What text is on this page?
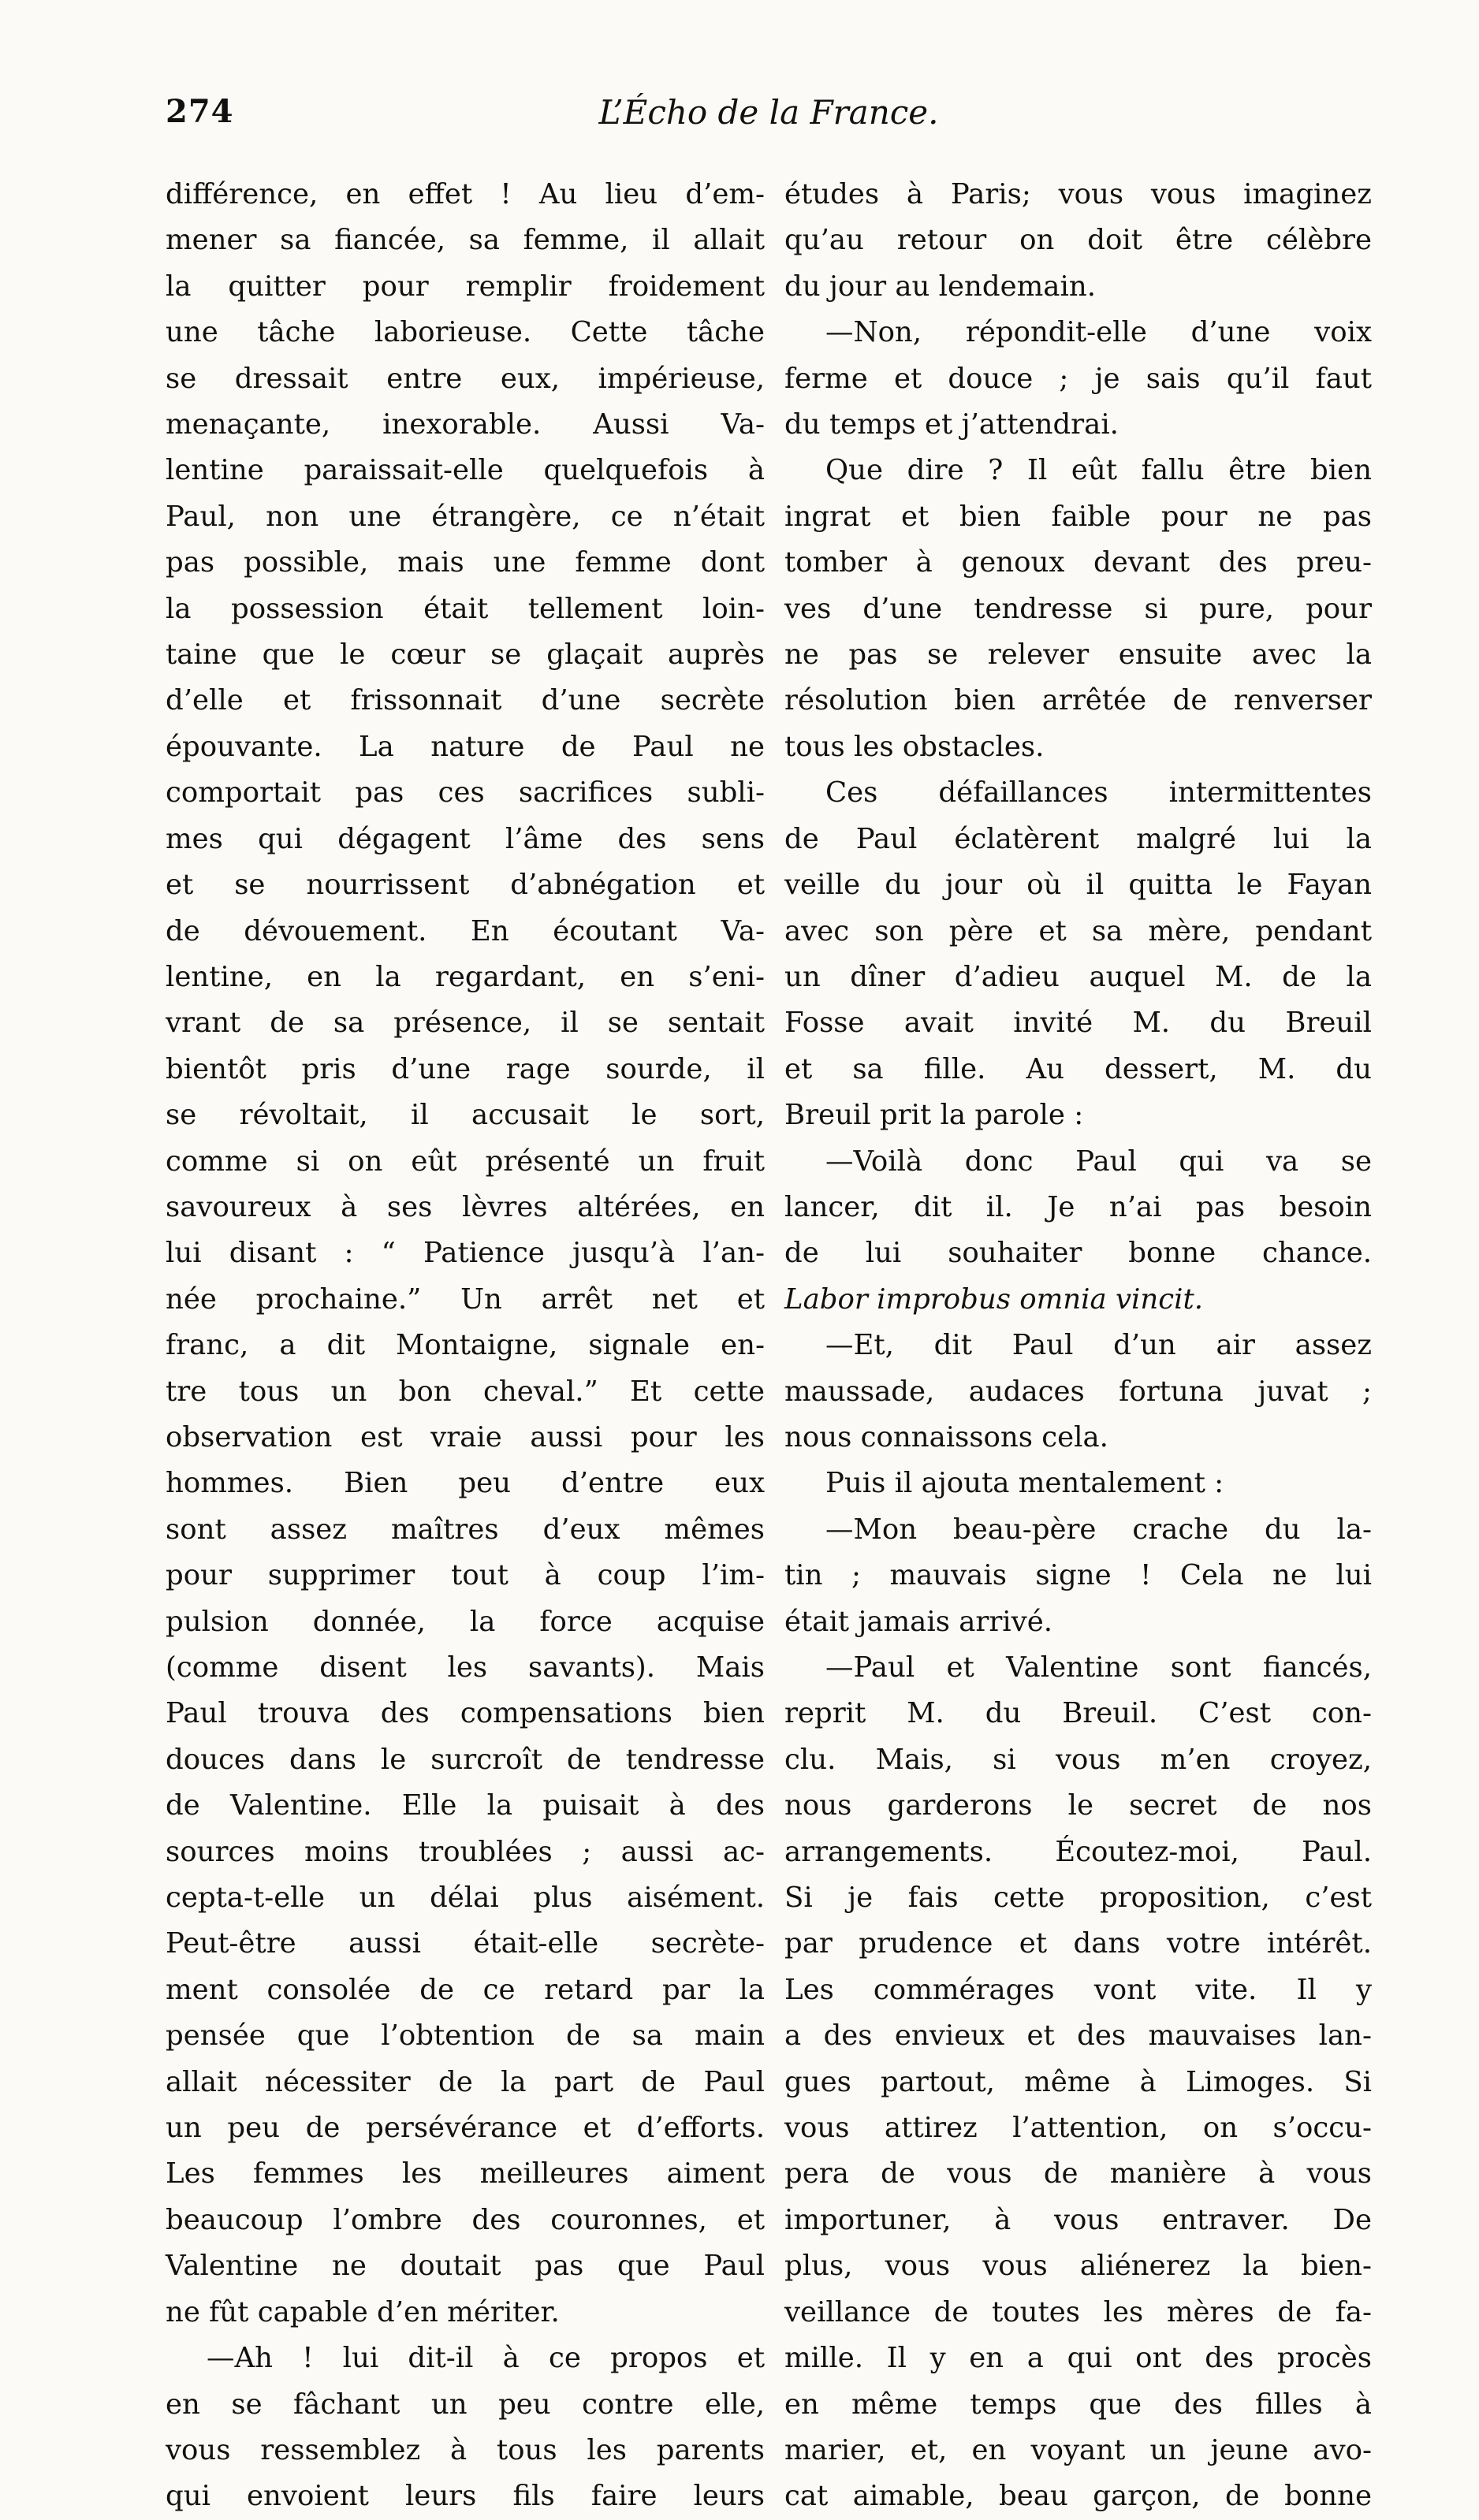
274	L’Écho de la France.

différence, en effet ! Au lieu d’em-
mener sa fiancée, sa femme, il allait
la quitter pour remplir froidement
une tâche laborieuse. Cette tâche
se dressait entre eux, impérieuse,
menaçante, inexorable. Aussi Va-
lentine paraissait-elle quelquefois à
Paul, non une étrangère, ce n’était
pas possible, mais une femme dont
la possession était tellement loin-
taine que le cœur se glaçait auprès
d’elle et frissonnait d’une secrète
épouvante. La nature de Paul ne
comportait pas ces sacrifices subli-
mes qui dégagent l’âme des sens
et se nourrissent d’abnégation et
de dévouement. En écoutant Va-
lentine, en la regardant, en s’eni-
vrant de sa présence, il se sentait
bientôt pris d’une rage sourde, il
se révoltait, il accusait le sort,
comme si on eût présenté un fruit
savoureux à ses lèvres altérées, en
lui disant : “ Patience jusqu’à l’an-
née prochaine.” Un arrêt net et
franc, a dit Montaigne, signale en-
tre tous un bon cheval.” Et cette
observation est vraie aussi pour les
hommes. Bien peu d’entre eux
sont assez maîtres d’eux mêmes
pour supprimer tout à coup l’im-
pulsion donnée, la force acquise
(comme disent les savants). Mais
Paul trouva des compensations bien
douces dans le surcroît de tendresse
de Valentine. Elle la puisait à des
sources moins troublées ; aussi ac-
cepta-t-elle un délai plus aisément.
Peut-être aussi était-elle secrète-
ment consolée de ce retard par la
pensée que l’obtention de sa main
allait nécessiter de la part de Paul
un peu de persévérance et d’efforts.
Les femmes les meilleures aiment
beaucoup l’ombre des couronnes, et
Valentine ne doutait pas que Paul
ne fût capable d’en mériter.

—Ah ! lui dit-il à ce propos et
en se fâchant un peu contre elle,
vous ressemblez à tous les parents
qui envoient leurs fils faire leurs

études à Paris; vous vous imaginez
qu’au retour on doit être célèbre
du jour au lendemain.

—Non, répondit-elle d’une voix
ferme et douce ; je sais qu’il faut
du temps et j’attendrai.

Que dire ? Il eût fallu être bien
ingrat et bien faible pour ne pas
tomber à genoux devant des preu-
ves d’une tendresse si pure, pour
ne pas se relever ensuite avec la
résolution bien arrêtée de renverser
tous les obstacles.

Ces défaillances intermittentes
de Paul éclatèrent malgré lui la
veille du jour où il quitta le Fayan
avec son père et sa mère, pendant
un dîner d’adieu auquel M. de la
Fosse avait invité M. du Breuil
et sa fille. Au dessert, M. du
Breuil prit la parole :

—Voilà donc Paul qui va se
lancer, dit il. Je n’ai pas besoin
de lui souhaiter bonne chance.
Labor improbus omnia vincit.

—Et, dit Paul d’un air assez
maussade, audaces fortuna juvat ;
nous connaissons cela.

Puis il ajouta mentalement :

—Mon beau-père crache du la-
tin ; mauvais signe ! Cela ne lui
était jamais arrivé.

—Paul et Valentine sont fiancés,
reprit M. du Breuil. C’est con-
clu. Mais, si vous m’en croyez,
nous garderons le secret de nos
arrangements. Écoutez-moi, Paul.
Si je fais cette proposition, c’est
par prudence et dans votre intérêt.
Les commérages vont vite. Il y
a des envieux et des mauvaises lan-
gues partout, même à Limoges. Si
vous attirez l’attention, on s’occu-
pera de vous de manière à vous
importuner, à vous entraver. De
plus, vous vous aliénerez la bien-
veillance de toutes les mères de fa-
mille. Il y en a qui ont des procès
en même temps que des filles à
marier, et, en voyant un jeune avo-
cat aimable, beau garçon, de bonne
